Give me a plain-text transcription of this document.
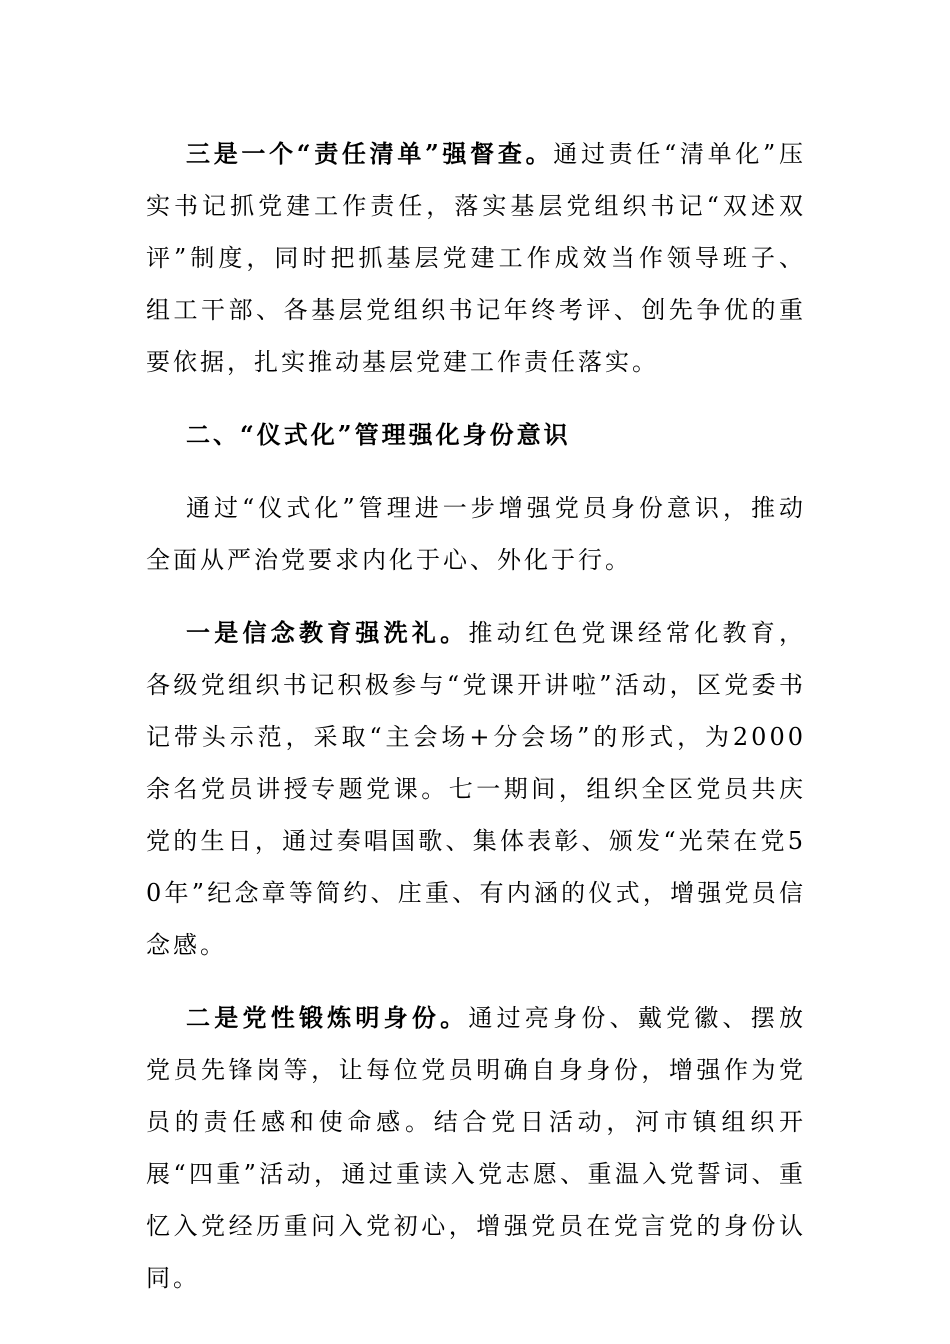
三是一个“责任清单”强督查。通过责任“清单化”压实书记抓党建工作责任，落实基层党组织书记“双述双评”制度，同时把抓基层党建工作成效当作领导班子、组工干部、各基层党组织书记年终考评、创先争优的重要依据，扎实推动基层党建工作责任落实。

二、“仪式化”管理强化身份意识

通过“仪式化”管理进一步增强党员身份意识，推动全面从严治党要求内化于心、外化于行。

一是信念教育强洗礼。推动红色党课经常化教育，各级党组织书记积极参与“党课开讲啦”活动，区党委书记带头示范，采取“主会场+分会场”的形式，为2000余名党员讲授专题党课。七一期间，组织全区党员共庆党的生日，通过奏唱国歌、集体表彰、颁发“光荣在党50年”纪念章等简约、庄重、有内涵的仪式，增强党员信念感。

二是党性锻炼明身份。通过亮身份、戴党徽、摆放党员先锋岗等，让每位党员明确自身身份，增强作为党员的责任感和使命感。结合党日活动，河市镇组织开展“四重”活动，通过重读入党志愿、重温入党誓词、重忆入党经历重问入党初心，增强党员在党言党的身份认同。
